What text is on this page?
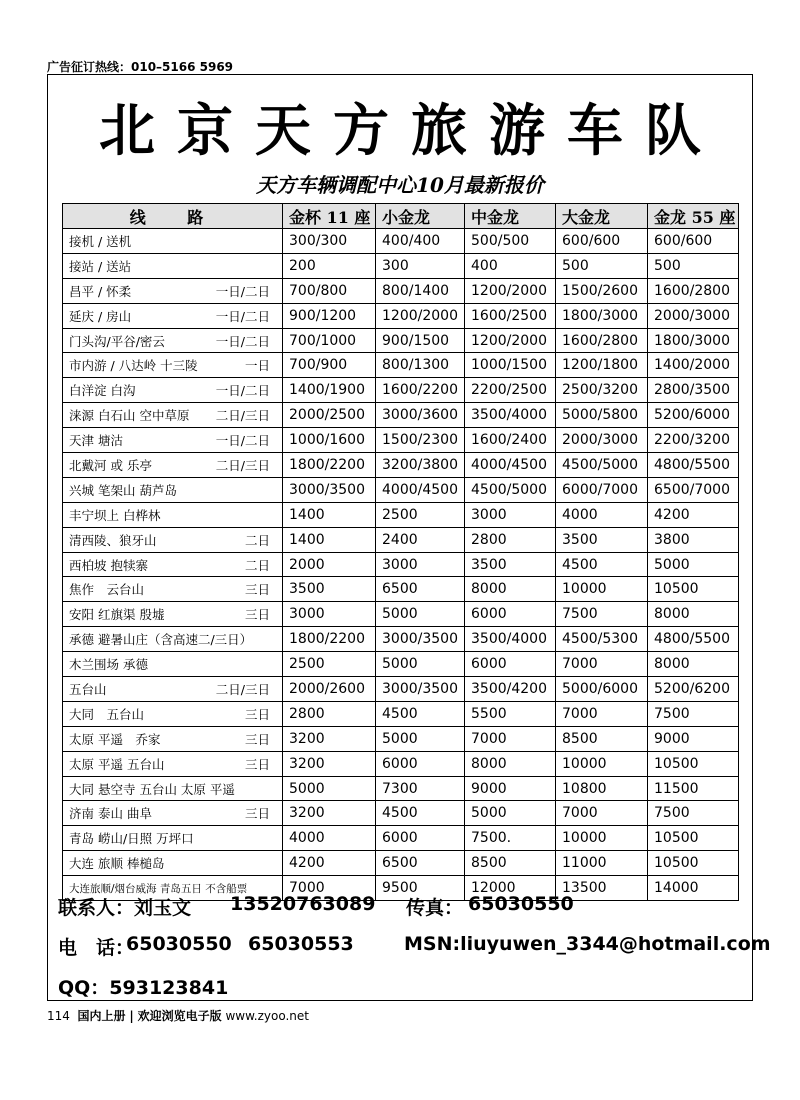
广告征订热线：010–5166 5969
北京天方旅游车队
天方车辆调配中心10月最新报价
线 路	金杯 11 座	小金龙	中金龙	大金龙	金龙 55 座

接机 / 送机	300/300	400/400	500/500	600/600	600/600

接站 / 送站	200	300	400	500	500

一日/二日
昌平 / 怀柔	700/800	800/1400	1200/2000	1500/2600	1600/2800

一日/二日
延庆 / 房山	900/1200	1200/2000	1600/2500	1800/3000	2000/3000

一日/二日
门头沟/平谷/密云	700/1000	900/1500	1200/2000	1600/2800	1800/3000

一日
市内游 / 八达岭 十三陵	700/900	800/1300	1000/1500	1200/1800	1400/2000

一日/二日
白洋淀 白沟	1400/1900	1600/2200	2200/2500	2500/3200	2800/3500

二日/三日
涞源 白石山 空中草原	2000/2500	3000/3600	3500/4000	5000/5800	5200/6000

一日/二日
天津 塘沽	1000/1600	1500/2300	1600/2400	2000/3000	2200/3200

二日/三日
北戴河 或 乐亭	1800/2200	3200/3800	4000/4500	4500/5000	4800/5500

兴城 笔架山 葫芦岛	3000/3500	4000/4500	4500/5000	6000/7000	6500/7000

丰宁坝上 白桦林	1400	2500	3000	4000	4200

二日
清西陵、狼牙山	1400	2400	2800	3500	3800

二日
西柏坡 抱犊寨	2000	3000	3500	4500	5000

三日
焦作　云台山	3500	6500	8000	10000	10500

三日
安阳 红旗渠 殷墟	3000	5000	6000	7500	8000

承德 避暑山庄（含高速二/三日）	1800/2200	3000/3500	3500/4000	4500/5300	4800/5500

木兰围场 承德	2500	5000	6000	7000	8000

二日/三日
五台山	2000/2600	3000/3500	3500/4200	5000/6000	5200/6200

三日
大同　五台山	2800	4500	5500	7000	7500

三日
太原 平遥　乔家	3200	5000	7000	8500	9000

三日
太原 平遥 五台山	3200	6000	8000	10000	10500

大同 悬空寺 五台山 太原 平遥	5000	7300	9000	10800	11500

三日
济南 泰山 曲阜	3200	4500	5000	7000	7500

青岛 崂山/日照 万坪口	4000	6000	7500.	10000	10500

大连 旅顺 棒槌岛	4200	6500	8500	11000	10500

大连旅顺/烟台威海 青岛五日 不含船票	7000	9500	12000	13500	14000
联系人：刘玉文 13520763089 传真： 65030550
电　话：
65030550 65030553	MSN:liuyuwen_3344@hotmail.com
QQ：593123841
114 国内上册 | 欢迎浏览电子版 www.zyoo.net
